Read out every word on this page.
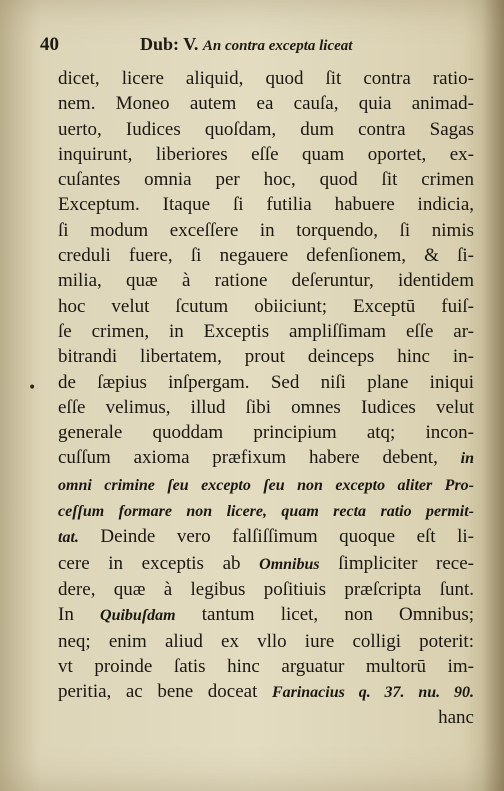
40	Dub: V. An contra excepta liceat
dicet, licere aliquid, quod ſit contra ratio-
nem. Moneo autem ea cauſa, quia animad-
uerto, Iudices quoſdam, dum contra Sagas
inquirunt, liberiores eſſe quam oportet, ex-
cuſantes omnia per hoc, quod ſit crimen
Exceptum. Itaque ſi futilia habuere indicia,
ſi modum exceſſere in torquendo, ſi nimis
creduli fuere, ſi negauere defenſionem, & ſi-
milia, quæ à ratione deſeruntur, identidem
hoc velut ſcutum obiiciunt; Exceptū fuiſ-
ſe crimen, in Exceptis ampliſſimam eſſe ar-
bitrandi libertatem, prout deinceps hinc in-
de ſæpius inſpergam. Sed niſi plane iniqui
eſſe velimus, illud ſibi omnes Iudices velut
generale quoddam principium atq; incon-
cuſſum axioma præfixum habere debent, in
omni crimine ſeu excepto ſeu non excepto aliter Pro-
ceſſum formare non licere, quam recta ratio permit-
tat. Deinde vero falſiſſimum quoque eſt li-
cere in exceptis ab Omnibus ſimpliciter rece-
dere, quæ à legibus poſitiuis præſcripta ſunt.
In Quibuſdam tantum licet, non Omnibus;
neq; enim aliud ex vllo iure colligi poterit:
vt proinde ſatis hinc arguatur multorū im-
peritia, ac bene doceat Farinacius q. 37. nu. 90.
hanc
•
